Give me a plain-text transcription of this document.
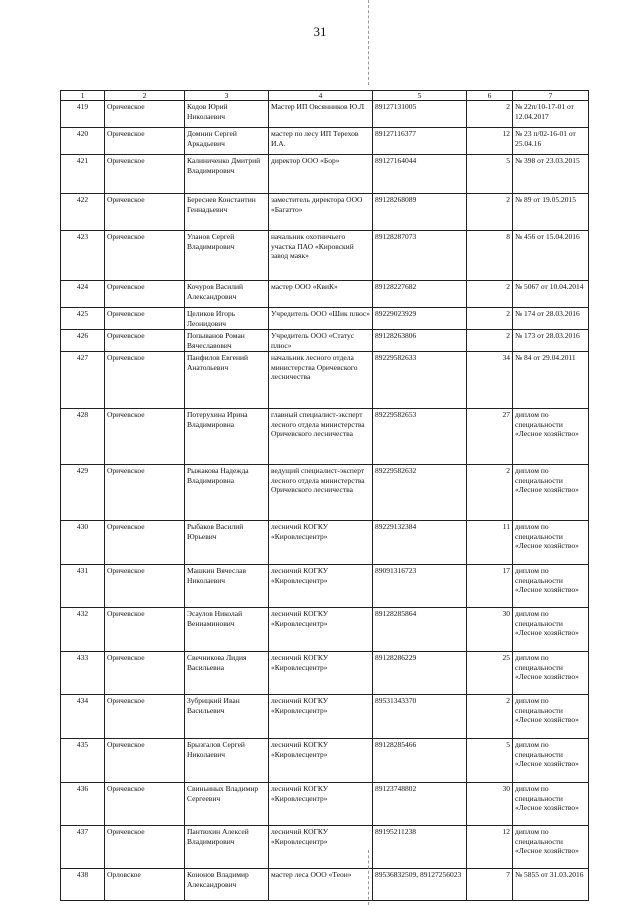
31
1	2	3	4	5	6	7
419	Оричевское	Кодов Юрий Николаевич	Мастер ИП Овсянников Ю.Л	89127131005	2	№ 22п/10-17-01 от 12.04.2017
420	Оричевское	Домнин Сергей Аркадьевич	мастер по лесу ИП Терехов И.А.	89127116377	12	№ 23 п/02-16-01 от 25.04.16
421	Оричевское	Калиниченко Дмитрий Владимирович	директор ООО «Бор»	89127164044	5	№ 398 от 23.03.2015
422	Оричевское	Береснев Константин Геннадьевич	заместитель директора ООО «Багатто»	89128268089	2	№ 89 от 19.05.2015
423	Оричевское	Уланов Сергей Владимирович	начальник охотничьего участка ПАО «Кировский завод маяк»	89128287073	8	№ 456 от 15.04.2016
424	Оричевское	Кочуров Василий Александрович	мастер ООО «КвиК»	89128227682	2	№ 5067 от 10.04.2014
425	Оричевское	Целиков Игорь Леонидович	Учредитель ООО «Шик плюс»	89229023929	2	№ 174 от 28.03.2016
426	Оричевское	Попыванов Роман Вячеславович	Учредитель ООО «Статус плюс»	89128263806	2	№ 173 от 28.03.2016
427	Оричевское	Панфилов Евгений Анатольевич	начальник лесного отдела министерства Оричевского лесничества	89229582633	34	№ 84 от 29.04.2011
428	Оричевское	Потерухина Ирина Владимировна	главный специалист-эксперт лесного отдела министерства Оричевского лесничества	89229582653	27	диплом по специальности «Лесное хозяйство»
429	Оричевское	Рыжакова Надежда Владимировна	ведущий специалист-эксперт лесного отдела министерства Оричевского лесничества	89229582632	2	диплом по специальности «Лесное хозяйство»
430	Оричевское	Рыбаков Василий Юрьевич	лесничий КОГКУ «Кировлесцентр»	89229132384	11	диплом по специальности «Лесное хозяйство»
431	Оричевское	Машкин Вячеслав Николаевич	лесничий КОГКУ «Кировлесцентр»	89091316723	17	диплом по специальности «Лесное хозяйство»
432	Оричевское	Эсаулов Николай Вениаминович	лесничий КОГКУ «Кировлесцентр»	89128285864	30	диплом по специальности «Лесное хозяйство»
433	Оричевское	Свечникова Лидия Васильевна	лесничий КОГКУ «Кировлесцентр»	89128286229	25	диплом по специальности «Лесное хозяйство»
434	Оричевское	Зубрицкий Иван Васильевич	лесничий КОГКУ «Кировлесцентр»	89531343370	2	диплом по специальности «Лесное хозяйство»
435	Оричевское	Брызгалов Сергей Николаевич	лесничий КОГКУ «Кировлесцентр»	89128285466	5	диплом по специальности «Лесное хозяйство»
436	Оричевское	Свиньиных Владимир Сергеевич	лесничий КОГКУ «Кировлесцентр»	89123748802	30	диплом по специальности «Лесное хозяйство»
437	Оричевское	Пантюхин Алексей Владимирович	лесничий КОГКУ «Кировлесцентр»	89195211238	12	диплом по специальности «Лесное хозяйство»
438	Орловское	Кононов Владимир Александрович	мастер леса ООО «Теон»	89536832509, 89127256023	7	№ 5855 от 31.03.2016
